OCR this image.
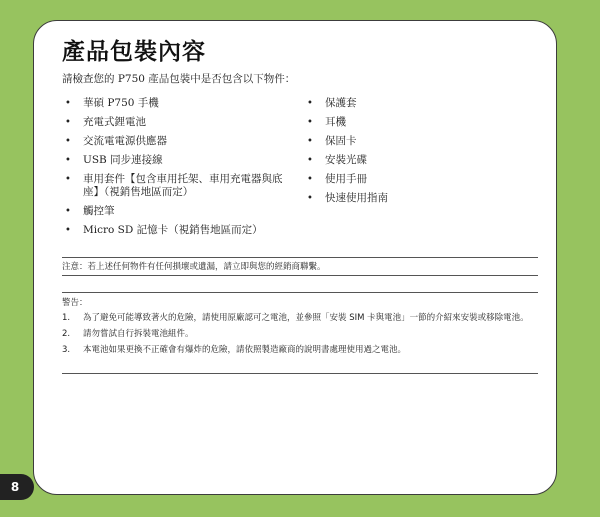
產品包裝內容
請檢查您的 P750 產品包裝中是否包含以下物件：
• 華碩 P750 手機
• 充電式鋰電池
• 交流電電源供應器
• USB 同步連接線
• 車用套件【包含車用托架、車用充電器與底座】（視銷售地區而定）
• 觸控筆
• Micro SD 記憶卡（視銷售地區而定）
• 保護套
• 耳機
• 保固卡
• 安裝光碟
• 使用手冊
• 快速使用指南
注意：若上述任何物件有任何損壞或遺漏，請立即與您的經銷商聯繫。
警告：
1. 為了避免可能導致著火的危險，請使用原廠認可之電池，並參照「安裝 SIM 卡與電池」一節的介紹來安裝或移除電池。
2. 請勿嘗試自行拆裝電池組件。
3. 本電池如果更換不正確會有爆炸的危險，請依照製造廠商的說明書處理使用過之電池。
8
